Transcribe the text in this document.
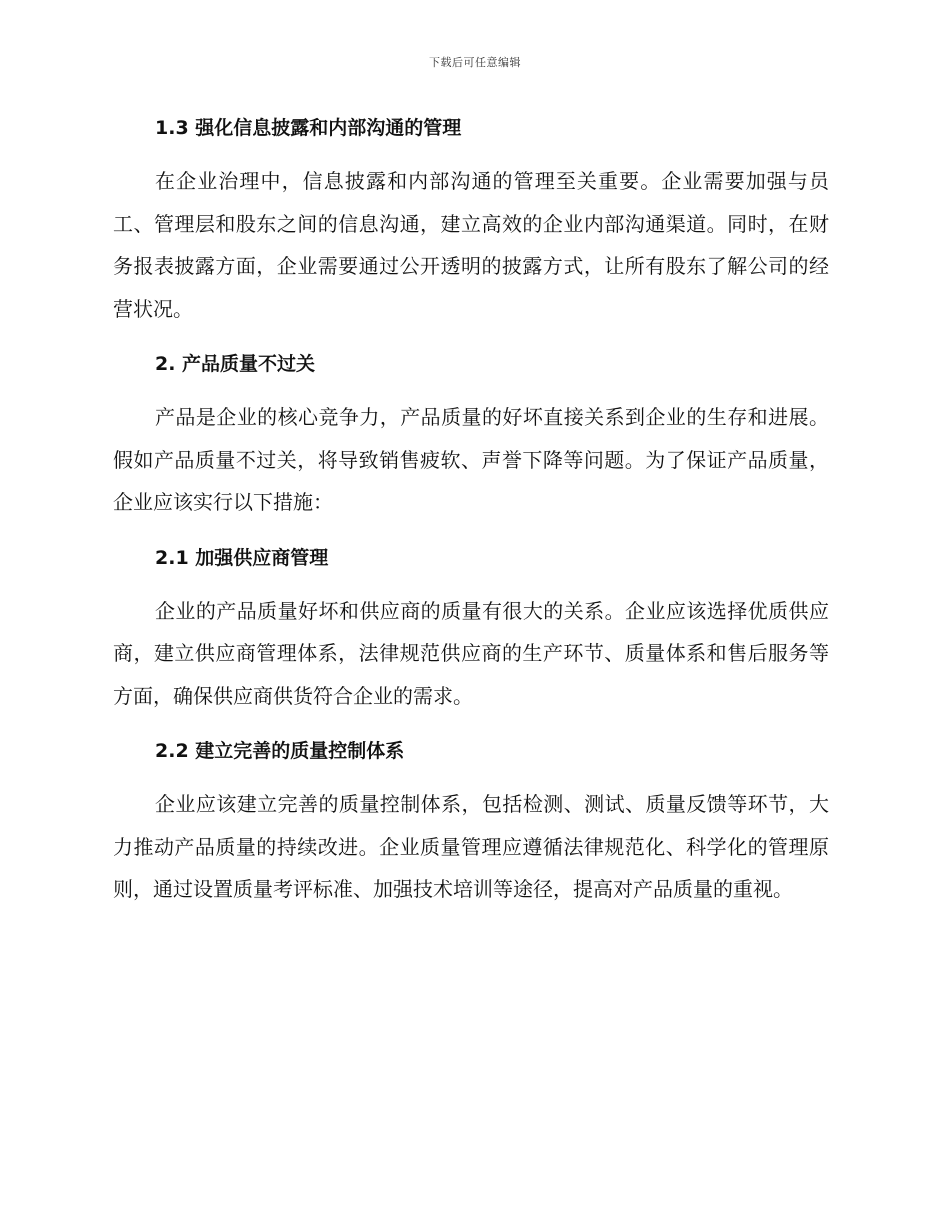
下载后可任意编辑
1.3 强化信息披露和内部沟通的管理

在企业治理中，信息披露和内部沟通的管理至关重要。企业需要加强与员工、管理层和股东之间的信息沟通，建立高效的企业内部沟通渠道。同时，在财务报表披露方面，企业需要通过公开透明的披露方式，让所有股东了解公司的经营状况。

2. 产品质量不过关

产品是企业的核心竞争力，产品质量的好坏直接关系到企业的生存和进展。假如产品质量不过关，将导致销售疲软、声誉下降等问题。为了保证产品质量，企业应该实行以下措施：

2.1 加强供应商管理

企业的产品质量好坏和供应商的质量有很大的关系。企业应该选择优质供应商，建立供应商管理体系，法律规范供应商的生产环节、质量体系和售后服务等方面，确保供应商供货符合企业的需求。

2.2 建立完善的质量控制体系

企业应该建立完善的质量控制体系，包括检测、测试、质量反馈等环节，大力推动产品质量的持续改进。企业质量管理应遵循法律规范化、科学化的管理原则，通过设置质量考评标准、加强技术培训等途径，提高对产品质量的重视。
